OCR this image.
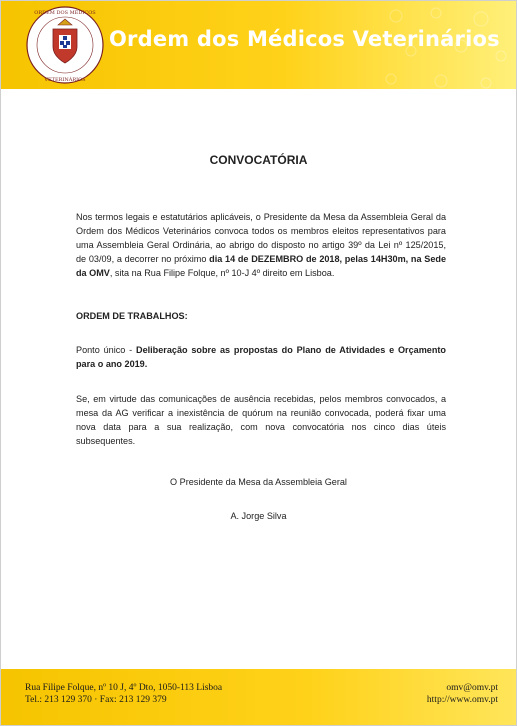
ORDEM DOS MÉDICOS
VETERINÁRIOS
Ordem dos Médicos Veterinários
CONVOCATÓRIA
Nos termos legais e estatutários aplicáveis, o Presidente da Mesa da Assembleia Geral da Ordem dos Médicos Veterinários convoca todos os membros eleitos representativos para uma Assembleia Geral Ordinária, ao abrigo do disposto no artigo 39º da Lei nº 125/2015, de 03/09, a decorrer no próximo dia 14 de DEZEMBRO de 2018, pelas 14H30m, na Sede da OMV, sita na Rua Filipe Folque, nº 10-J 4º direito em Lisboa.
ORDEM DE TRABALHOS:
Ponto único - Deliberação sobre as propostas do Plano de Atividades e Orçamento para o ano 2019.
Se, em virtude das comunicações de ausência recebidas, pelos membros convocados, a mesa da AG verificar a inexistência de quórum na reunião convocada, poderá fixar uma nova data para a sua realização, com nova convocatória nos cinco dias úteis subsequentes.
O Presidente da Mesa da Assembleia Geral
A. Jorge Silva
Rua Filipe Folque, nº 10 J, 4º Dto, 1050-113 Lisboa
Tel.: 213 129 370 · Fax: 213 129 379
omv@omv.pt
http://www.omv.pt
